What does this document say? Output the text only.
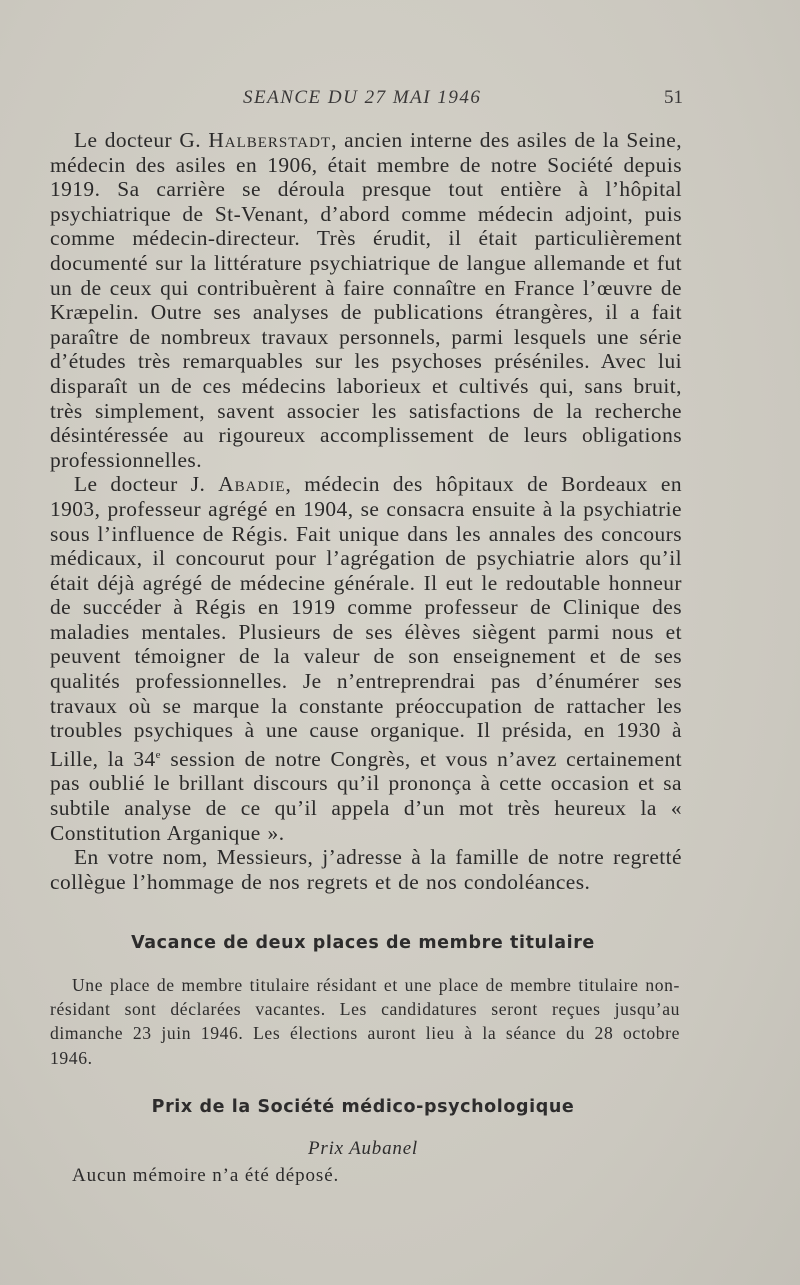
SEANCE DU 27 MAI 1946	51

Le docteur G. Halberstadt, ancien interne des asiles de la Seine, médecin des asiles en 1906, était membre de notre Société depuis 1919. Sa carrière se déroula presque tout entière à l’hôpital psychiatrique de St-Venant, d’abord comme médecin adjoint, puis comme médecin-directeur. Très érudit, il était particulièrement documenté sur la littérature psychiatrique de langue allemande et fut un de ceux qui contribuèrent à faire connaître en France l’œuvre de Kræpelin. Outre ses analyses de publications étrangères, il a fait paraître de nombreux travaux personnels, parmi lesquels une série d’études très remarquables sur les psychoses préséniles. Avec lui disparaît un de ces médecins laborieux et cultivés qui, sans bruit, très simplement, savent associer les satisfactions de la recherche désintéressée au rigoureux accomplissement de leurs obligations professionnelles.

Le docteur J. Abadie, médecin des hôpitaux de Bordeaux en 1903, professeur agrégé en 1904, se consacra ensuite à la psychiatrie sous l’influence de Régis. Fait unique dans les annales des concours médicaux, il concourut pour l’agrégation de psychiatrie alors qu’il était déjà agrégé de médecine générale. Il eut le redoutable honneur de succéder à Régis en 1919 comme professeur de Clinique des maladies mentales. Plusieurs de ses élèves siègent parmi nous et peuvent témoigner de la valeur de son enseignement et de ses qualités professionnelles. Je n’entreprendrai pas d’énumérer ses travaux où se marque la constante préoccupation de rattacher les troubles psychiques à une cause organique. Il présida, en 1930 à Lille, la 34e session de notre Congrès, et vous n’avez certainement pas oublié le brillant discours qu’il prononça à cette occasion et sa subtile analyse de ce qu’il appela d’un mot très heureux la « Constitution Arganique ».

En votre nom, Messieurs, j’adresse à la famille de notre regretté collègue l’hommage de nos regrets et de nos condoléances.

Vacance de deux places de membre titulaire

Une place de membre titulaire résidant et une place de membre titulaire non-résidant sont déclarées vacantes. Les candidatures seront reçues jusqu’au dimanche 23 juin 1946. Les élections auront lieu à la séance du 28 octobre 1946.

Prix de la Société médico-psychologique
Prix Aubanel
Aucun mémoire n’a été déposé.
